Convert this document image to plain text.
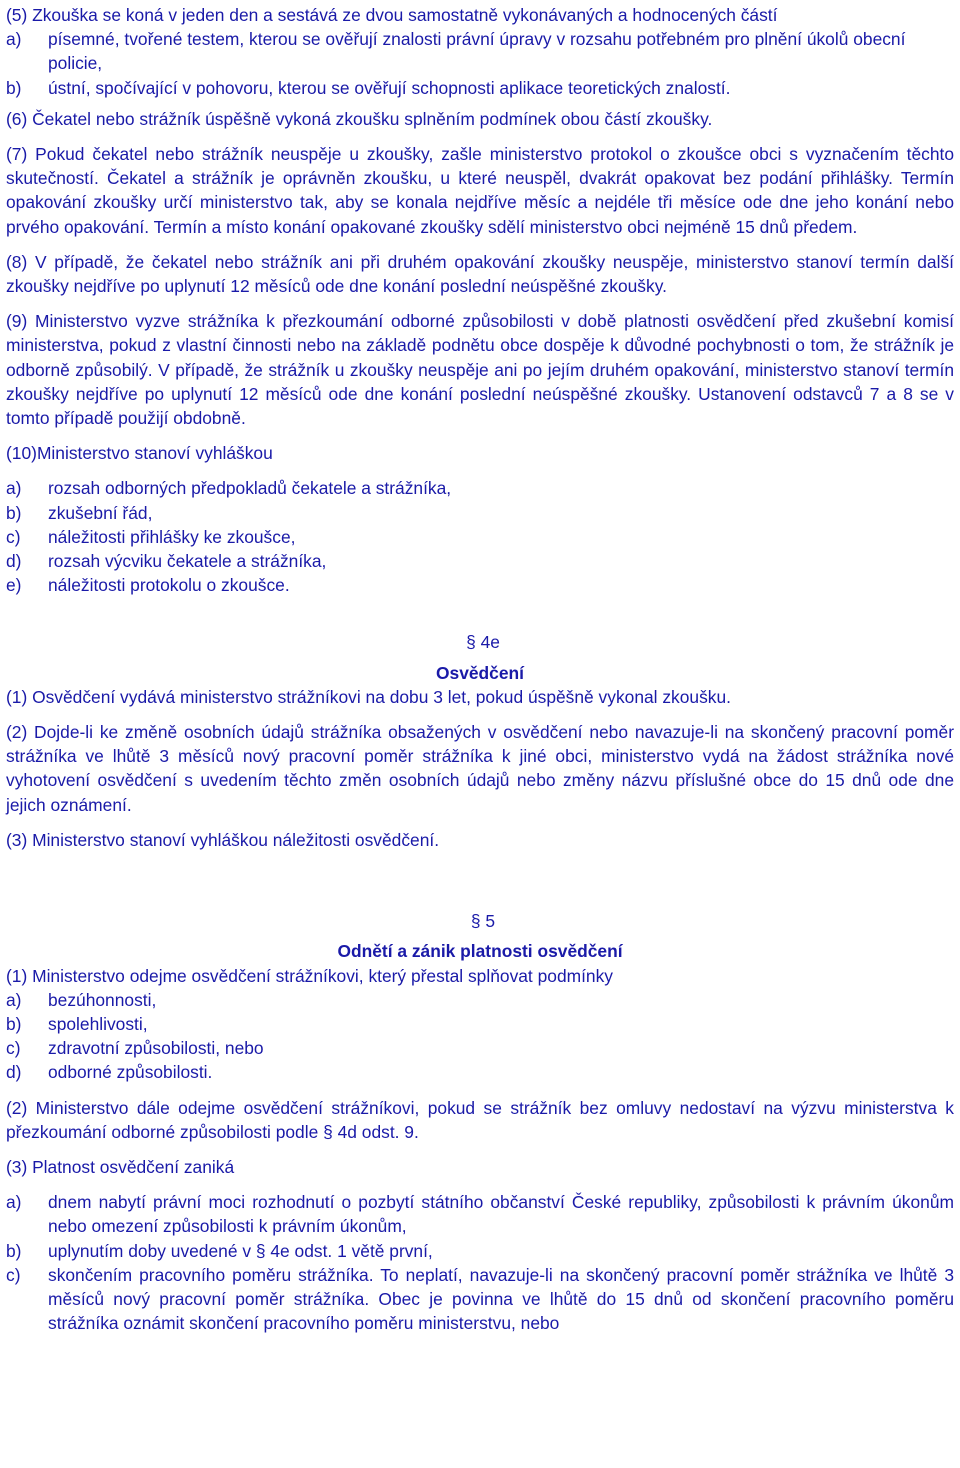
(5) Zkouška se koná v jeden den a sestává ze dvou samostatně vykonávaných a hodnocených částí

a)	písemné, tvořené testem, kterou se ověřují znalosti právní úpravy v rozsahu potřebném pro plnění úkolů obecní policie,
b)	ústní, spočívající v pohovoru, kterou se ověřují schopnosti aplikace teoretických znalostí.

(6) Čekatel nebo strážník úspěšně vykoná zkoušku splněním podmínek obou částí zkoušky.

(7) Pokud čekatel nebo strážník neuspěje u zkoušky, zašle ministerstvo protokol o zkoušce obci s vyznačením těchto skutečností. Čekatel a strážník je oprávněn zkoušku, u které neuspěl, dvakrát opakovat bez podání přihlášky. Termín opakování zkoušky určí ministerstvo tak, aby se konala nejdříve měsíc a nejdéle tři měsíce ode dne jeho konání nebo prvého opakování. Termín a místo konání opakované zkoušky sdělí ministerstvo obci nejméně 15 dnů předem.

(8) V případě, že čekatel nebo strážník ani při druhém opakování zkoušky neuspěje, ministerstvo stanoví termín další zkoušky nejdříve po uplynutí 12 měsíců ode dne konání poslední neúspěšné zkoušky.

(9) Ministerstvo vyzve strážníka k přezkoumání odborné způsobilosti v době platnosti osvědčení před zkušební komisí ministerstva, pokud z vlastní činnosti nebo na základě podnětu obce dospěje k důvodné pochybnosti o tom, že strážník je odborně způsobilý. V případě, že strážník u zkoušky neuspěje ani po jejím druhém opakování, ministerstvo stanoví termín zkoušky nejdříve po uplynutí 12 měsíců ode dne konání poslední neúspěšné zkoušky. Ustanovení odstavců 7 a 8 se v tomto případě použijí obdobně.

(10) Ministerstvo stanoví vyhláškou
a)	rozsah odborných předpokladů čekatele a strážníka,
b)	zkušební řád,
c)	náležitosti přihlášky ke zkoušce,
d)	rozsah výcviku čekatele a strážníka,
e)	náležitosti protokolu o zkoušce.
§ 4e
Osvědčení

(1) Osvědčení vydává ministerstvo strážníkovi na dobu 3 let, pokud úspěšně vykonal zkoušku.

(2) Dojde-li ke změně osobních údajů strážníka obsažených v osvědčení nebo navazuje-li na skončený pracovní poměr strážníka ve lhůtě 3 měsíců nový pracovní poměr strážníka k jiné obci, ministerstvo vydá na žádost strážníka nové vyhotovení osvědčení s uvedením těchto změn osobních údajů nebo změny názvu příslušné obce do 15 dnů ode dne jejich oznámení.

(3) Ministerstvo stanoví vyhláškou náležitosti osvědčení.

§ 5
Odnětí a zánik platnosti osvědčení

(1) Ministerstvo odejme osvědčení strážníkovi, který přestal splňovat podmínky

a)	bezúhonnosti,
b)	spolehlivosti,
c)	zdravotní způsobilosti, nebo
d)	odborné způsobilosti.

(2) Ministerstvo dále odejme osvědčení strážníkovi, pokud se strážník bez omluvy nedostaví na výzvu ministerstva k přezkoumání odborné způsobilosti podle § 4d odst. 9.

(3) Platnost osvědčení zaniká

a)	dnem nabytí právní moci rozhodnutí o pozbytí státního občanství České republiky, způsobilosti k právním úkonům nebo omezení způsobilosti k právním úkonům,
b)	uplynutím doby uvedené v § 4e odst. 1 větě první,
c)	skončením pracovního poměru strážníka. To neplatí, navazuje-li na skončený pracovní poměr strážníka ve lhůtě 3 měsíců nový pracovní poměr strážníka. Obec je povinna ve lhůtě do 15 dnů od skončení pracovního poměru strážníka oznámit skončení pracovního poměru ministerstvu, nebo
